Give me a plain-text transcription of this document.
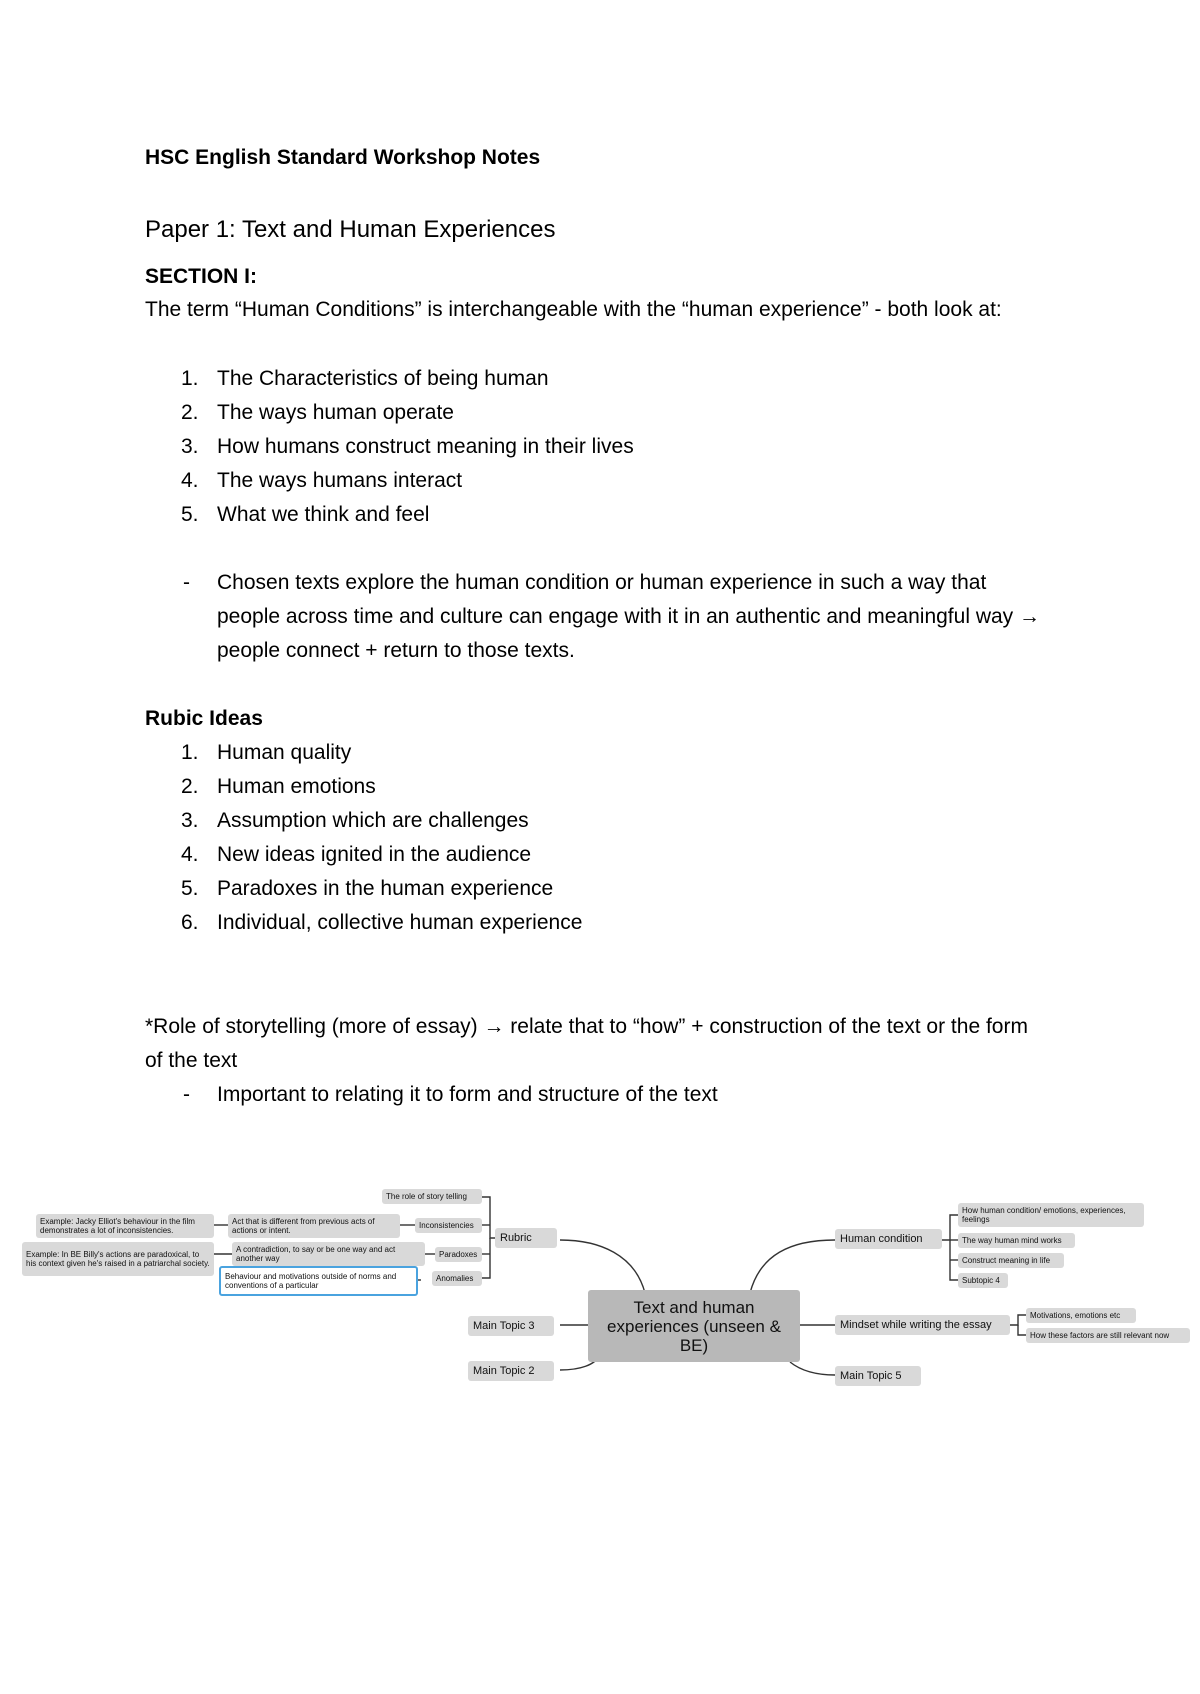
HSC English Standard Workshop Notes
Paper 1: Text and Human Experiences
SECTION I:
The term “Human Conditions” is interchangeable with the “human experience” - both look at:
1. The Characteristics of being human
2. The ways human operate
3. How humans construct meaning in their lives
4. The ways humans interact
5. What we think and feel
- Chosen texts explore the human condition or human experience in such a way that people across time and culture can engage with it in an authentic and meaningful way → people connect + return to those texts.
Rubic Ideas
1. Human quality
2. Human emotions
3. Assumption which are challenges
4. New ideas ignited in the audience
5. Paradoxes in the human experience
6. Individual, collective human experience
*Role of storytelling (more of essay) → relate that to “how” + construction of the text or the form of the text
- Important to relating it to form and structure of the text
Text and human experiences (unseen & BE)
Rubric
The role of story telling
Inconsistencies
Paradoxes
Anomalies
Act that is different from previous acts of actions or intent.
Example: Jacky Elliot's behaviour in the film demonstrates a lot of inconsistencies.
A contradiction, to say or be one way and act another way
Example: In BE Billy's actions are paradoxical, to his context given he's raised in a patriarchal society.
Behaviour and motivations outside of norms and conventions of a particular
Main Topic 3
Main Topic 2
Human condition
How human condition/ emotions, experiences, feelings
The way human mind works
Construct meaning in life
Subtopic 4
Mindset while writing the essay
Motivations, emotions etc
How these factors are still relevant now
Main Topic 5
